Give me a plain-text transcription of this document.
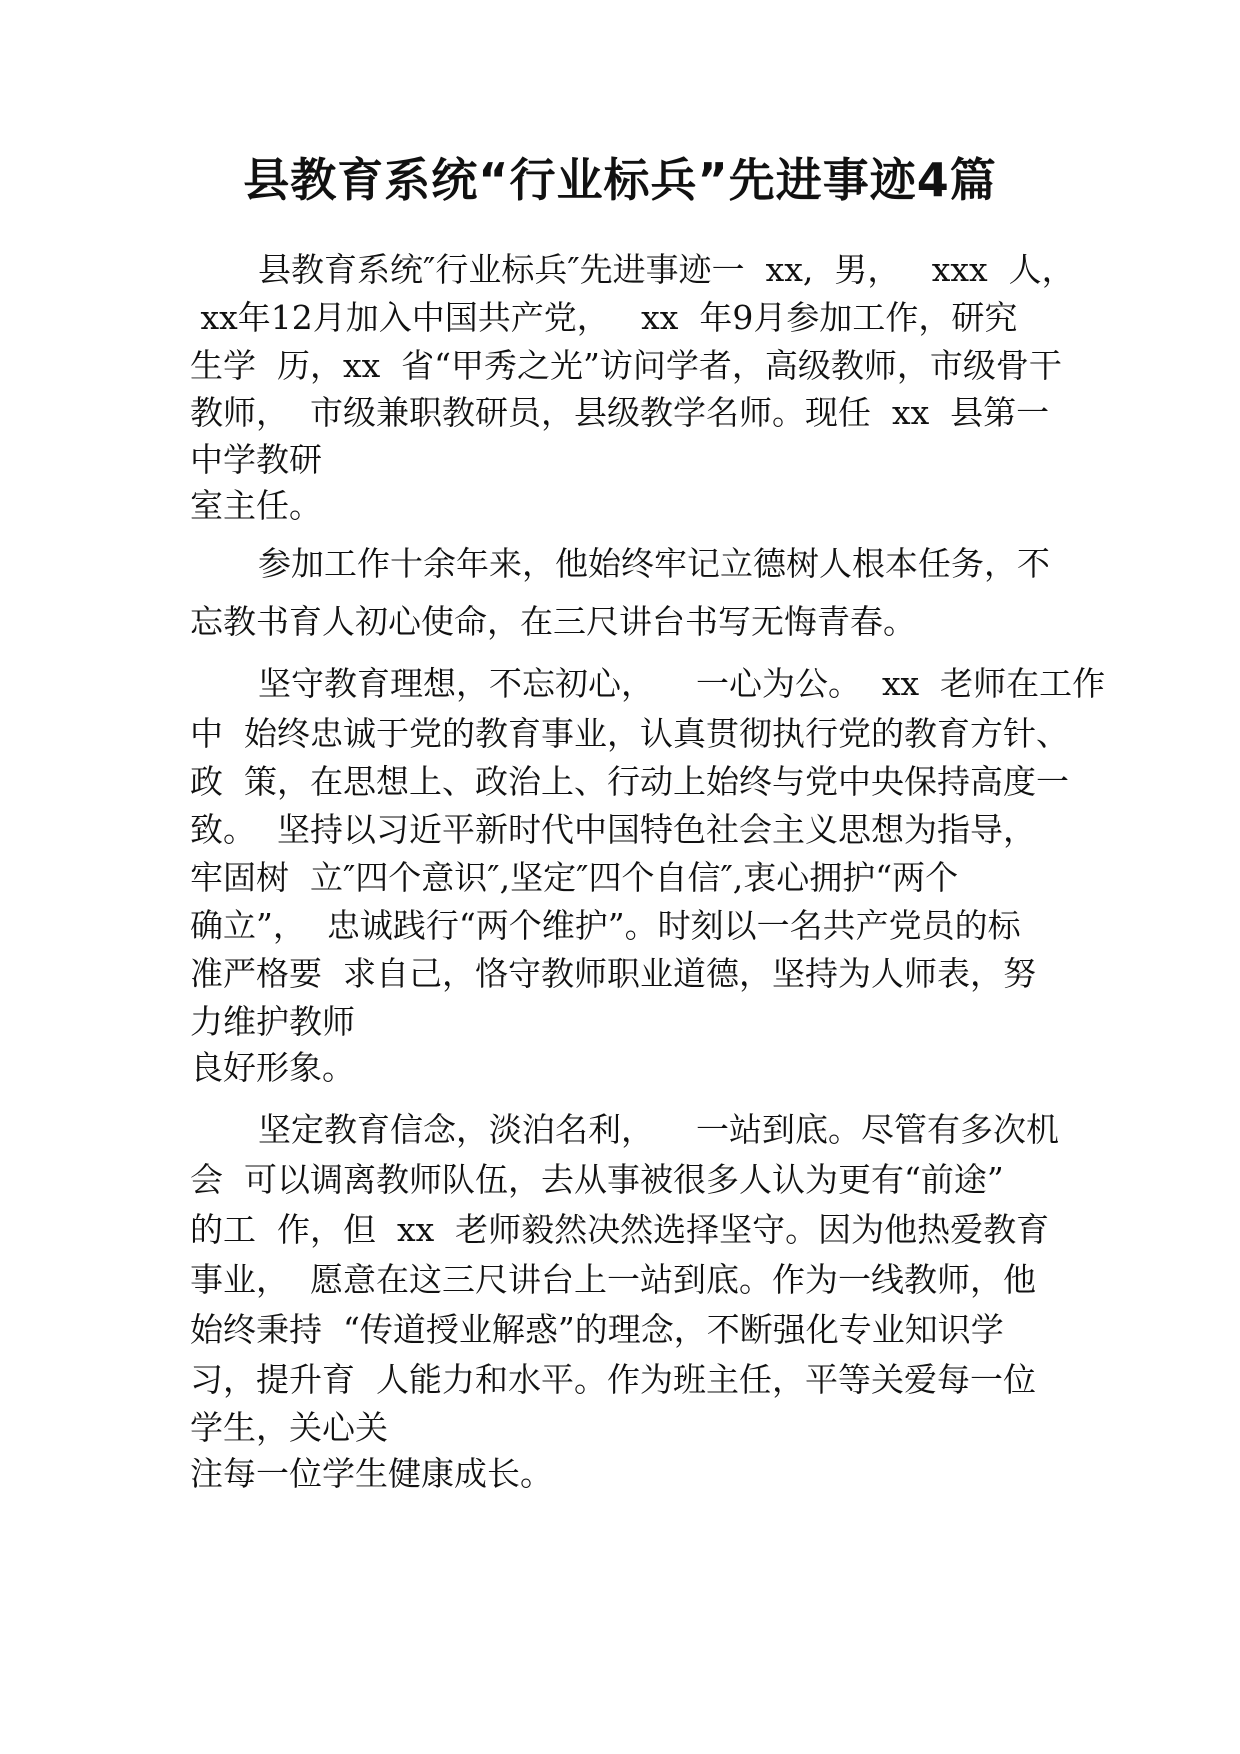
县教育系统“行业标兵”先进事迹4篇
县教育系统″行业标兵″先进事迹一  xx,  男，   xxx  人，
xx年12月加入中国共产党，   xx  年9月参加工作，研究
生学  历，xx  省“甲秀之光”访问学者，高级教师，市级骨干
教师，  市级兼职教研员，县级教学名师。现任  xx  县第一
中学教研
室主任。
参加工作十余年来，他始终牢记立德树人根本任务，不
忘教书育人初心使命，在三尺讲台书写无悔青春。
坚守教育理想，不忘初心，    一心为公。  xx  老师在工作
中  始终忠诚于党的教育事业，认真贯彻执行党的教育方针、
政  策，在思想上、政治上、行动上始终与党中央保持高度一
致。  坚持以习近平新时代中国特色社会主义思想为指导，
牢固树  立″四个意识″,坚定″四个自信″,衷心拥护“两个
确立”，  忠诚践行“两个维护”。时刻以一名共产党员的标
准严格要  求自己，恪守教师职业道德，坚持为人师表，努
力维护教师
良好形象。
坚定教育信念，淡泊名利，    一站到底。尽管有多次机
会  可以调离教师队伍，去从事被很多人认为更有“前途”
的工  作，但  xx  老师毅然决然选择坚守。因为他热爱教育
事业，  愿意在这三尺讲台上一站到底。作为一线教师，他
始终秉持  “传道授业解惑”的理念，不断强化专业知识学
习，提升育  人能力和水平。作为班主任，平等关爱每一位
学生，关心关
注每一位学生健康成长。
